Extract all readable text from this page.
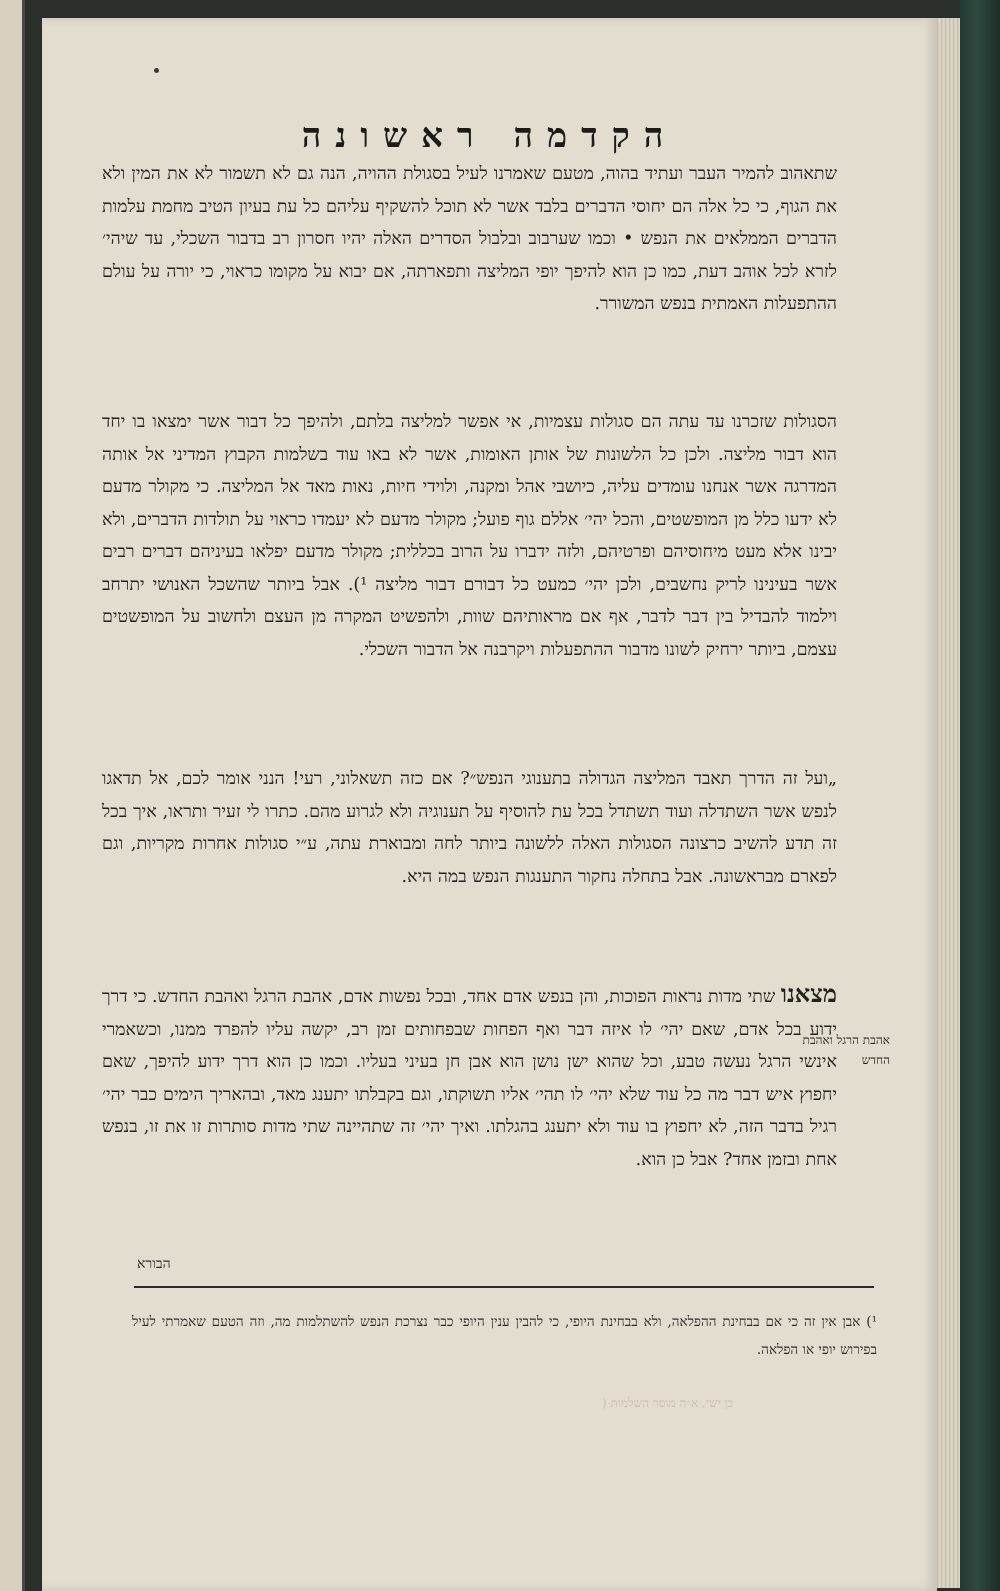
הקדמה ראשונה
שתאהוב להמיר העבר ועתיד בהוה, מטעם שאמרנו לעיל בסגולת ההויה, הנה גם לא תשמור לא את המין ולא את הגוף, כי כל אלה הם יחוסי הדברים בלבד אשר לא תוכל להשקיף עליהם כל עת בעיון הטיב מחמת עלמות הדברים הממלאים את הנפש • וכמו שערבוב ובלבול הסדרים האלה יהיו חסרון רב בדבור השכלי, עד שיהי׳ לזרא לכל אוהב דעת, כמו כן הוא להיפך יופי המליצה ותפארתה, אם יבוא על מקומו כראוי, כי יורה על עולם ההתפעלות האמתית בנפש המשורר.
הסגולות שזכרנו עד עתה הם סגולות עצמיות, אי אפשר למליצה בלתם, ולהיפך כל דבור אשר ימצאו בו יחד הוא דבור מליצה. ולכן כל הלשונות של אותן האומות, אשר לא באו עוד בשלמות הקבוץ המדיני אל אותה המדרגה אשר אנחנו עומדים עליה, כיושבי אהל ומקנה, ולוידי חיות, נאות מאד אל המליצה. כי מקולר מדעם לא ידעו כלל מן המופשטים, והכל יהי׳ אללם גוף פועל; מקולר מדעם לא יעמדו כראוי על תולדות הדברים, ולא יבינו אלא מעט מיחוסיהם ופרטיהם, ולזה ידברו על הרוב בכללית; מקולר מדעם יפלאו בעיניהם דברים רבים אשר בעינינו לריק נחשבים, ולכן יהי׳ כמעט כל דבורם דבור מליצה ¹). אבל ביותר שהשכל האנושי יתרחב וילמוד להבדיל בין דבר לדבר, אף אם מראותיהם שוות, ולהפשיט המקרה מן העצם ולחשוב על המופשטים עצמם, ביותר ירחיק לשונו מדבור ההתפעלות ויקרבנה אל הדבור השכלי.
„ועל זה הדרך תאבד המליצה הגדולה בתענוגי הנפש״? אם כזה תשאלוני, רעי! הנני אומר לכם, אל תדאגו לנפש אשר השתדלה ועוד תשתדל בכל עת להוסיף על תענוגיה ולא לגרוע מהם. כתרו לי זעיר ותראו, איך בכל זה תדע להשיב כרצונה הסגולות האלה ללשונה ביותר לחה ומבוארת עתה, ע״י סגולות אחרות מקריות, וגם לפארם מבראשונה. אבל בתחלה נחקור התענגות הנפש במה היא.
מצאנו שתי מדות נראות הפוכות, והן בנפש אדם אחד, ובכל נפשות אדם, אהבת הרגל ואהבת החדש. כי דרך ידוע בכל אדם, שאם יהי׳ לו איזה דבר ואף הפחות שבפחותים זמן רב, יקשה עליו להפרד ממנו, וכשאמרי אינשי הרגל נעשה טבע, וכל שהוא ישן נושן הוא אבן חן בעיני בעליו. וכמו כן הוא דרך ידוע להיפך, שאם יחפוץ איש דבר מה כל עוד שלא יהי׳ לו תהי׳ אליו תשוקתו, וגם בקבלתו יתענג מאד, ובהאריך הימים כבר יהי׳ רגיל בדבר הזה, לא יחפוץ בו עוד ולא יתענג בהגלתו. ואיך יהי׳ זה שתהיינה שתי מדות סותרות זו את זו, בנפש אחת ובזמן אחד? אבל כן הוא.
אהבת הרגל ואהבת החדש
הבורא
¹) אבן אין זה כי אם בבחינת ההפלאה, ולא בבחינת היופי, כי להבין ענין היופי כבר נצרכת הנפש להשתלמות מה, וזה הטעם שאמרתי לעיל בפירוש יופי או הפלאה.
בן ישי, א״ה מוסר השלמות (
